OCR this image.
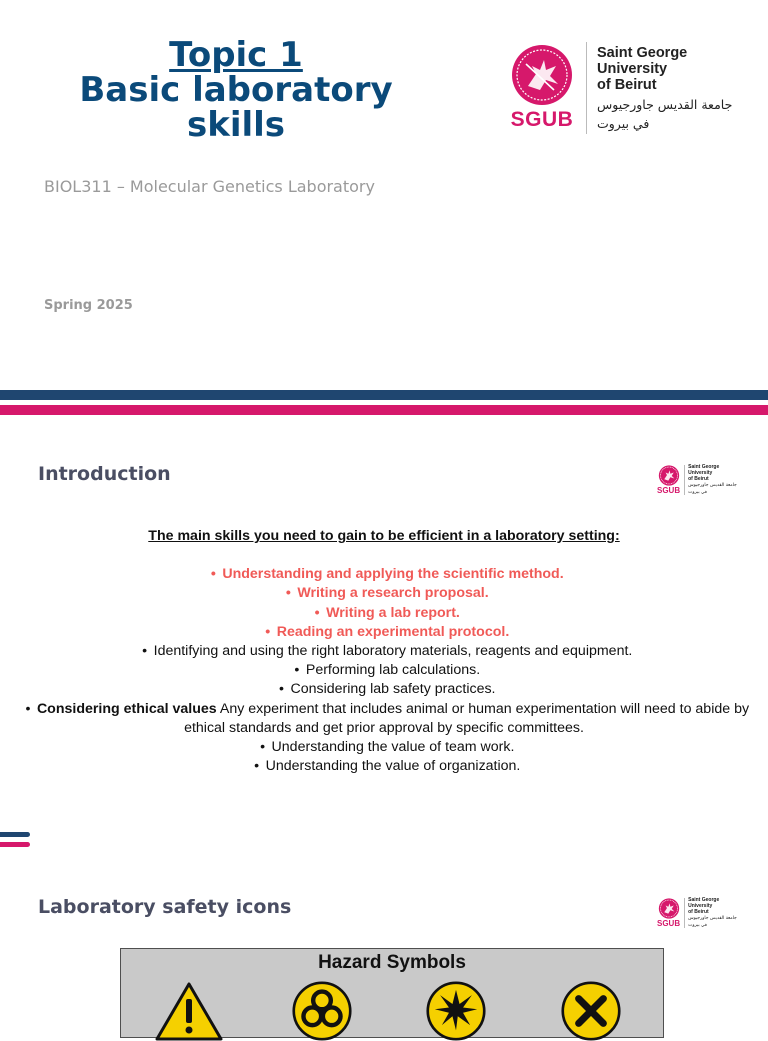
Topic 1
Basic laboratory
skills
BIOL311 – Molecular Genetics Laboratory
Spring 2025
SGUB
Saint George
University
of Beirut
جامعة القديس جاورجيوس
في بيروت
Introduction
SGUB
Saint George
University
of Beirut
جامعة القديس جاورجيوس
في بيروت
The main skills you need to gain to be efficient in a laboratory setting:
• Understanding and applying the scientific method.
• Writing a research proposal.
• Writing a lab report.
• Reading an experimental protocol.
• Identifying and using the right laboratory materials, reagents and equipment.
• Performing lab calculations.
• Considering lab safety practices.
• Considering ethical values Any experiment that includes animal or human experimentation will need to abide by ethical standards and get prior approval by specific committees.
• Understanding the value of team work.
• Understanding the value of organization.
Laboratory safety icons
SGUB
Saint George
University
of Beirut
جامعة القديس جاورجيوس
في بيروت
Hazard Symbols
